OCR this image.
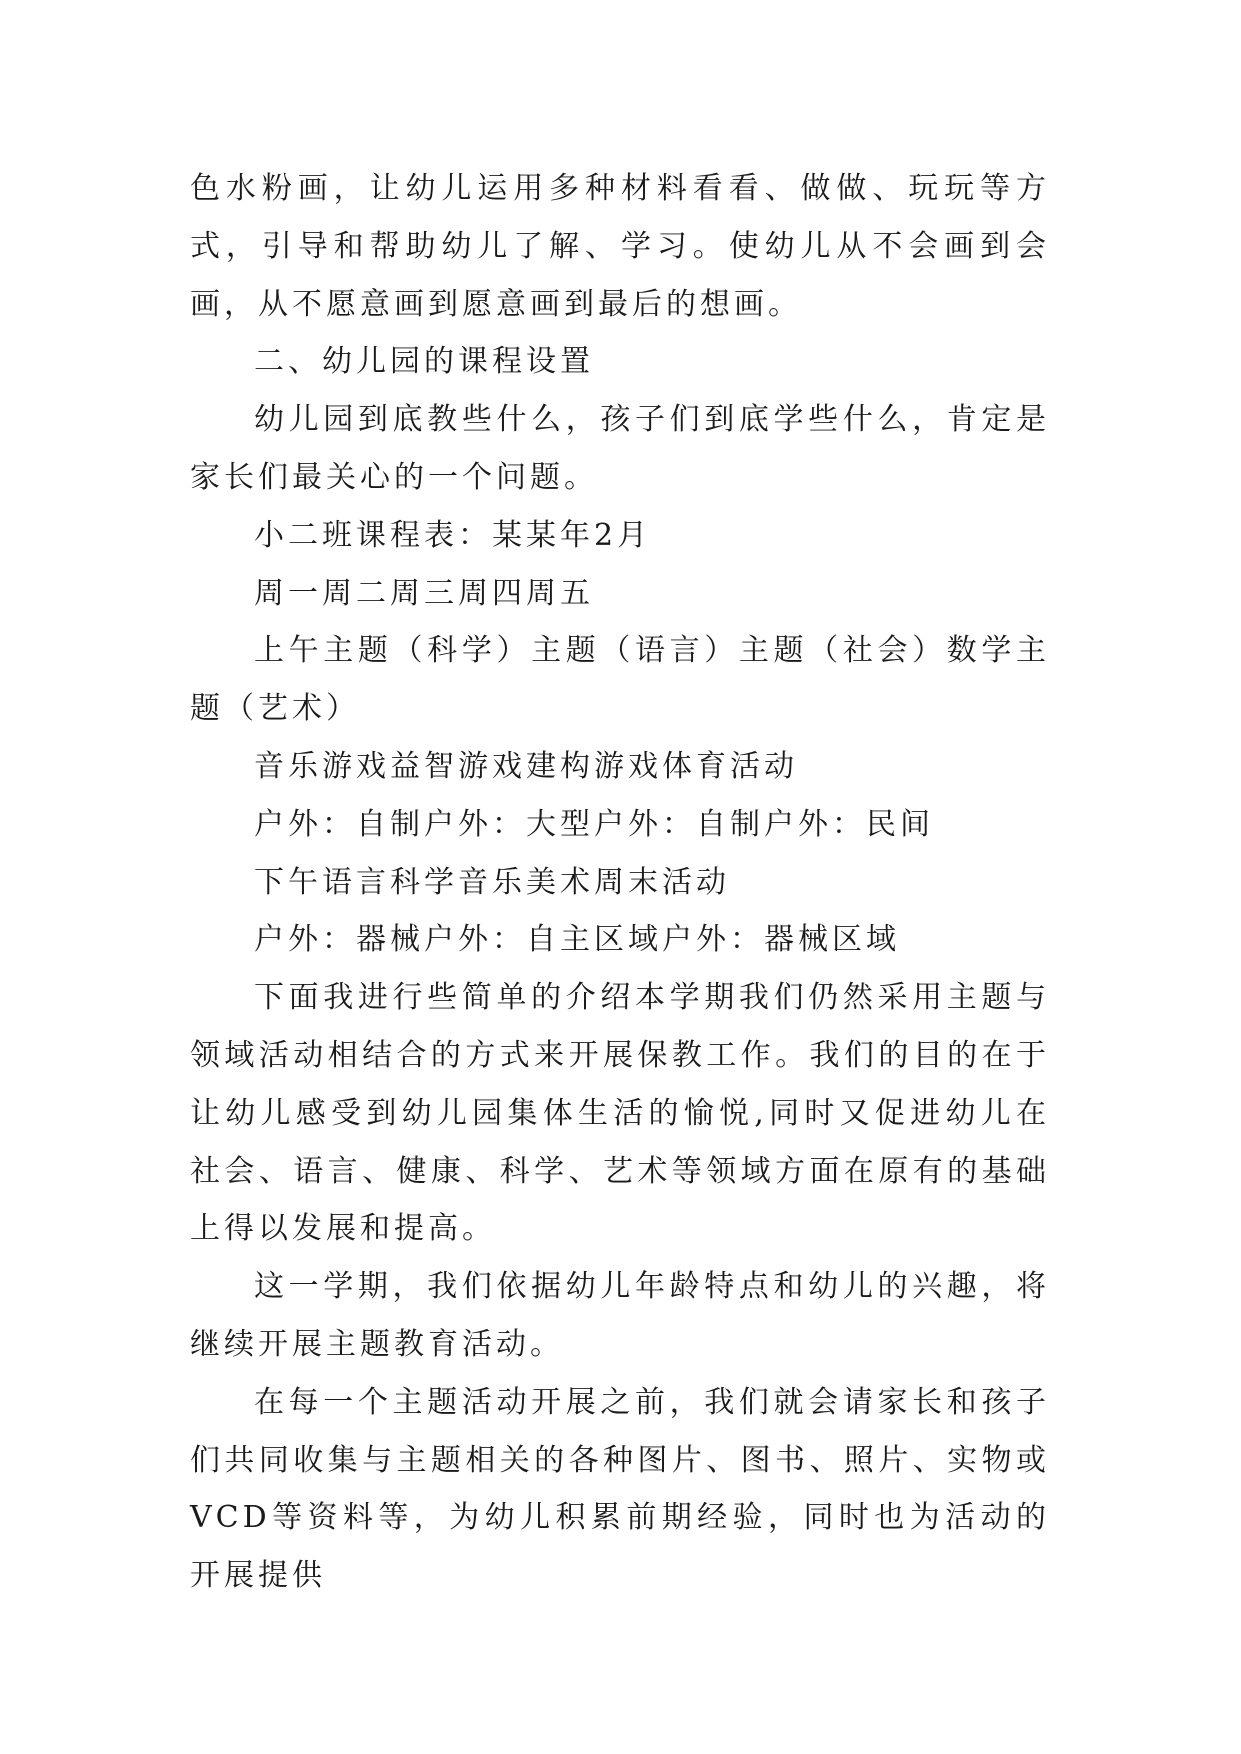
色水粉画，让幼儿运用多种材料看看、做做、玩玩等方式，引导和帮助幼儿了解、学习。使幼儿从不会画到会画，从不愿意画到愿意画到最后的想画。

二、幼儿园的课程设置

幼儿园到底教些什么，孩子们到底学些什么，肯定是家长们最关心的一个问题。

小二班课程表：某某年2月

周一周二周三周四周五

上午主题（科学）主题（语言）主题（社会）数学主题（艺术）

音乐游戏益智游戏建构游戏体育活动

户外：自制户外：大型户外：自制户外：民间

下午语言科学音乐美术周末活动

户外：器械户外：自主区域户外：器械区域

下面我进行些简单的介绍本学期我们仍然采用主题与领域活动相结合的方式来开展保教工作。我们的目的在于让幼儿感受到幼儿园集体生活的愉悦,同时又促进幼儿在社会、语言、健康、科学、艺术等领域方面在原有的基础上得以发展和提高。

这一学期，我们依据幼儿年龄特点和幼儿的兴趣，将继续开展主题教育活动。

在每一个主题活动开展之前，我们就会请家长和孩子们共同收集与主题相关的各种图片、图书、照片、实物或VCD等资料等，为幼儿积累前期经验，同时也为活动的开展提供
